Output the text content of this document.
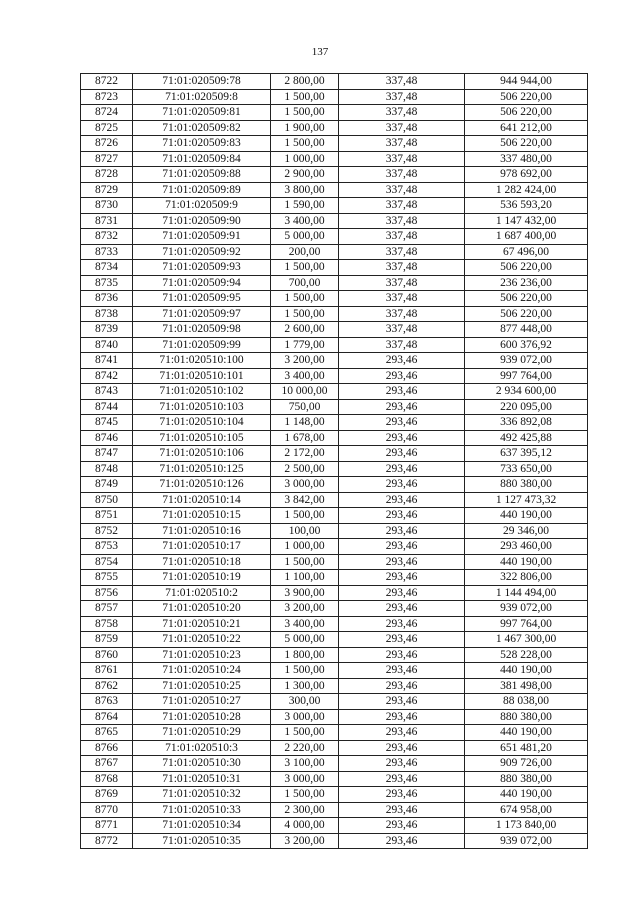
137
8722	71:01:020509:78	2 800,00	337,48	944 944,00
8723	71:01:020509:8	1 500,00	337,48	506 220,00
8724	71:01:020509:81	1 500,00	337,48	506 220,00
8725	71:01:020509:82	1 900,00	337,48	641 212,00
8726	71:01:020509:83	1 500,00	337,48	506 220,00
8727	71:01:020509:84	1 000,00	337,48	337 480,00
8728	71:01:020509:88	2 900,00	337,48	978 692,00
8729	71:01:020509:89	3 800,00	337,48	1 282 424,00
8730	71:01:020509:9	1 590,00	337,48	536 593,20
8731	71:01:020509:90	3 400,00	337,48	1 147 432,00
8732	71:01:020509:91	5 000,00	337,48	1 687 400,00
8733	71:01:020509:92	200,00	337,48	67 496,00
8734	71:01:020509:93	1 500,00	337,48	506 220,00
8735	71:01:020509:94	700,00	337,48	236 236,00
8736	71:01:020509:95	1 500,00	337,48	506 220,00
8738	71:01:020509:97	1 500,00	337,48	506 220,00
8739	71:01:020509:98	2 600,00	337,48	877 448,00
8740	71:01:020509:99	1 779,00	337,48	600 376,92
8741	71:01:020510:100	3 200,00	293,46	939 072,00
8742	71:01:020510:101	3 400,00	293,46	997 764,00
8743	71:01:020510:102	10 000,00	293,46	2 934 600,00
8744	71:01:020510:103	750,00	293,46	220 095,00
8745	71:01:020510:104	1 148,00	293,46	336 892,08
8746	71:01:020510:105	1 678,00	293,46	492 425,88
8747	71:01:020510:106	2 172,00	293,46	637 395,12
8748	71:01:020510:125	2 500,00	293,46	733 650,00
8749	71:01:020510:126	3 000,00	293,46	880 380,00
8750	71:01:020510:14	3 842,00	293,46	1 127 473,32
8751	71:01:020510:15	1 500,00	293,46	440 190,00
8752	71:01:020510:16	100,00	293,46	29 346,00
8753	71:01:020510:17	1 000,00	293,46	293 460,00
8754	71:01:020510:18	1 500,00	293,46	440 190,00
8755	71:01:020510:19	1 100,00	293,46	322 806,00
8756	71:01:020510:2	3 900,00	293,46	1 144 494,00
8757	71:01:020510:20	3 200,00	293,46	939 072,00
8758	71:01:020510:21	3 400,00	293,46	997 764,00
8759	71:01:020510:22	5 000,00	293,46	1 467 300,00
8760	71:01:020510:23	1 800,00	293,46	528 228,00
8761	71:01:020510:24	1 500,00	293,46	440 190,00
8762	71:01:020510:25	1 300,00	293,46	381 498,00
8763	71:01:020510:27	300,00	293,46	88 038,00
8764	71:01:020510:28	3 000,00	293,46	880 380,00
8765	71:01:020510:29	1 500,00	293,46	440 190,00
8766	71:01:020510:3	2 220,00	293,46	651 481,20
8767	71:01:020510:30	3 100,00	293,46	909 726,00
8768	71:01:020510:31	3 000,00	293,46	880 380,00
8769	71:01:020510:32	1 500,00	293,46	440 190,00
8770	71:01:020510:33	2 300,00	293,46	674 958,00
8771	71:01:020510:34	4 000,00	293,46	1 173 840,00
8772	71:01:020510:35	3 200,00	293,46	939 072,00
